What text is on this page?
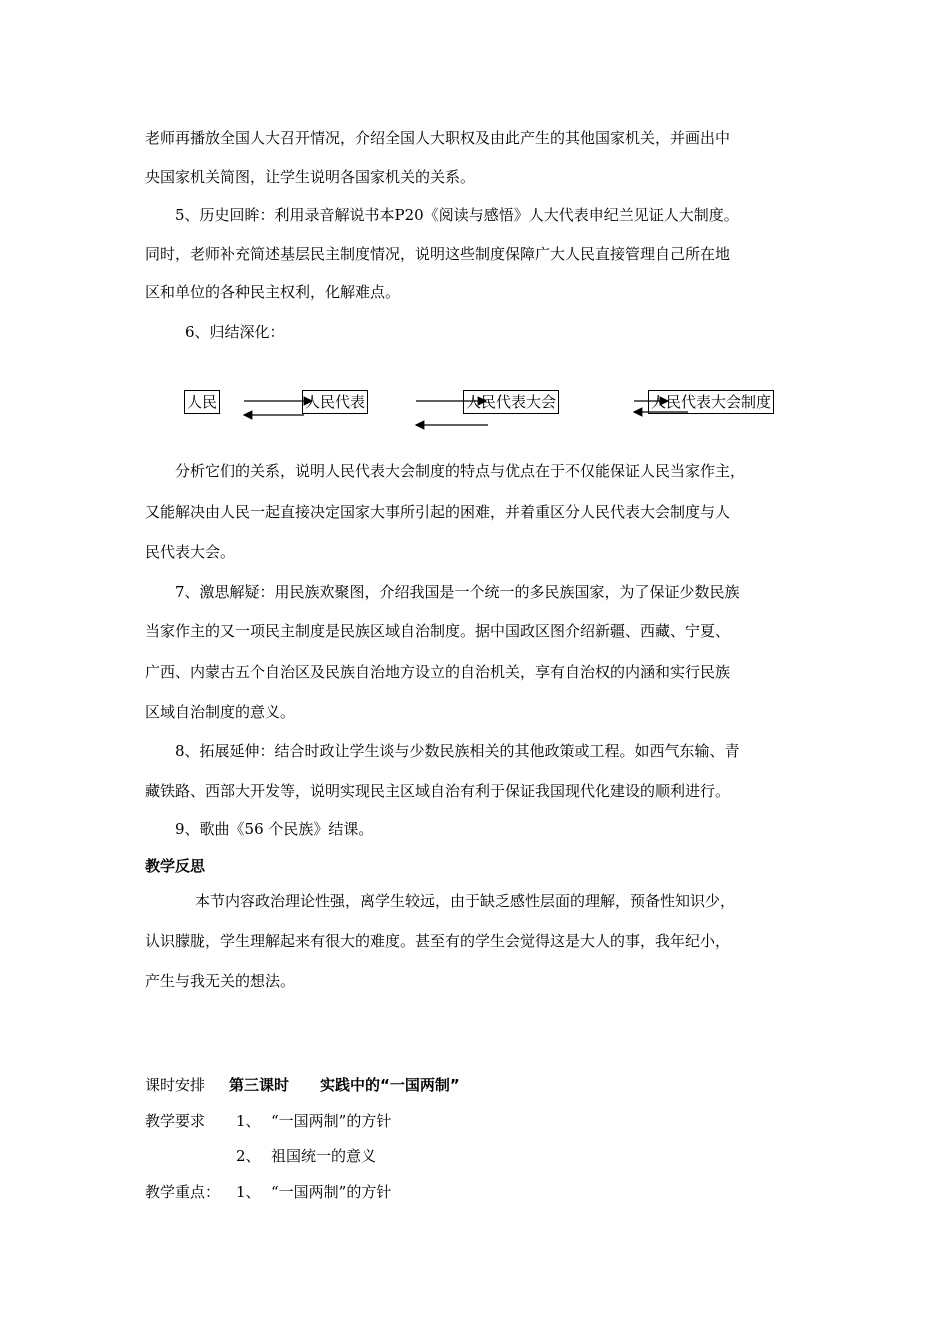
老师再播放全国人大召开情况，介绍全国人大职权及由此产生的其他国家机关，并画出中
央国家机关简图，让学生说明各国家机关的关系。
5、历史回眸：利用录音解说书本P20《阅读与感悟》人大代表申纪兰见证人大制度。
同时，老师补充简述基层民主制度情况，说明这些制度保障广大人民直接管理自己所在地
区和单位的各种民主权利，化解难点。
6、归结深化：
人民	人民代表	人民代表大会	人民代表大会制度
分析它们的关系，说明人民代表大会制度的特点与优点在于不仅能保证人民当家作主，
又能解决由人民一起直接决定国家大事所引起的困难，并着重区分人民代表大会制度与人
民代表大会。
7、激思解疑：用民族欢聚图，介绍我国是一个统一的多民族国家，为了保证少数民族
当家作主的又一项民主制度是民族区域自治制度。据中国政区图介绍新疆、西藏、宁夏、
广西、内蒙古五个自治区及民族自治地方设立的自治机关，享有自治权的内涵和实行民族
区域自治制度的意义。
8、拓展延伸：结合时政让学生谈与少数民族相关的其他政策或工程。如西气东输、青
藏铁路、西部大开发等，说明实现民主区域自治有利于保证我国现代化建设的顺利进行。
9、歌曲《56 个民族》结课。
教学反思
本节内容政治理论性强，离学生较远，由于缺乏感性层面的理解，预备性知识少，
认识朦胧，学生理解起来有很大的难度。甚至有的学生会觉得这是大人的事，我年纪小，
产生与我无关的想法。
课时安排 第三课时 实践中的“一国两制”
教学要求 1、 “一国两制”的方针
2、 祖国统一的意义
教学重点： 1、 “一国两制”的方针
